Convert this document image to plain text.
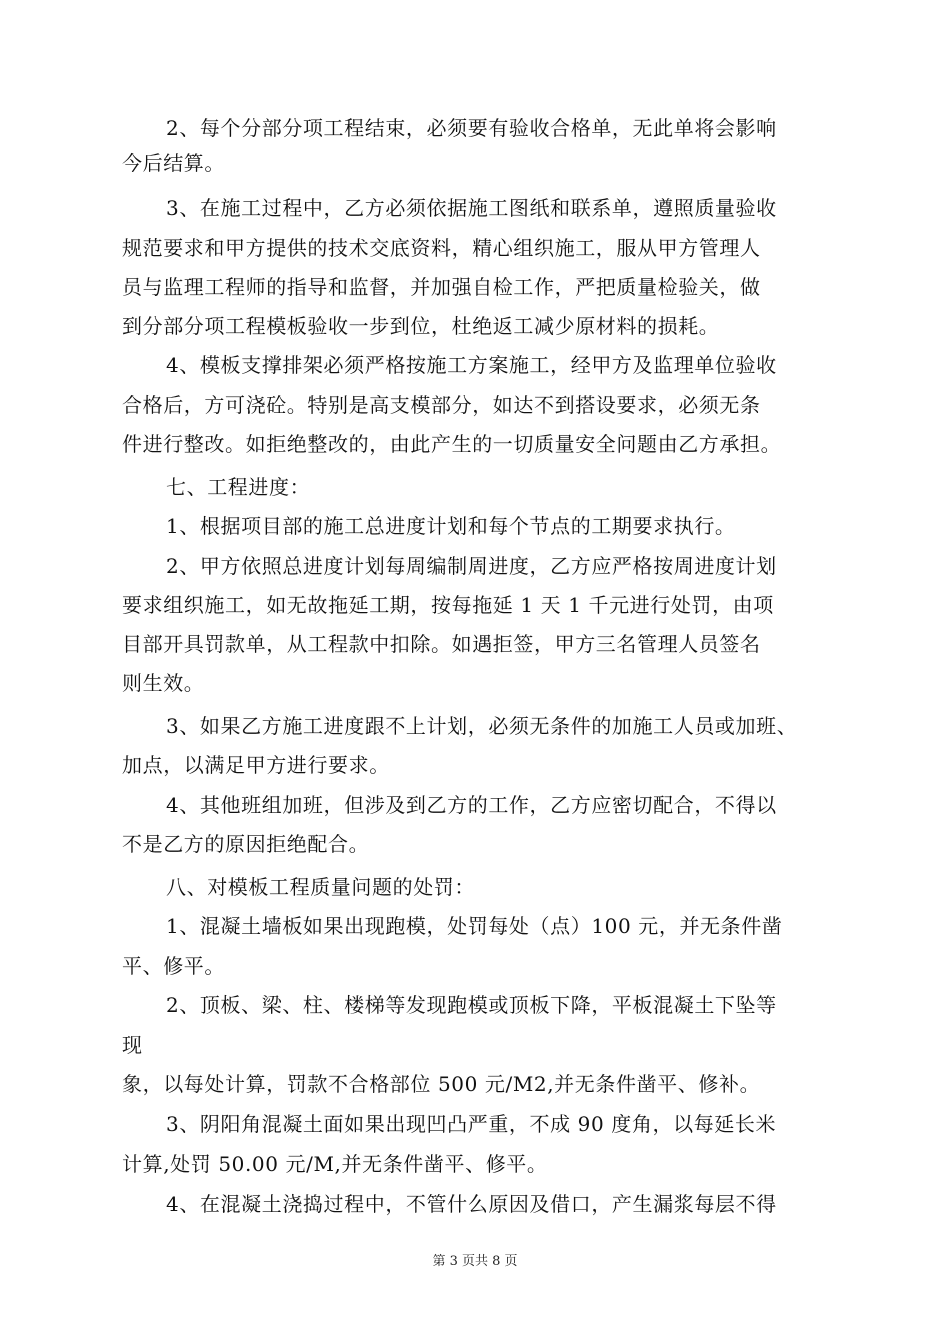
2、每个分部分项工程结束，必须要有验收合格单，无此单将会影响
今后结算。
3、在施工过程中，乙方必须依据施工图纸和联系单，遵照质量验收
规范要求和甲方提供的技术交底资料，精心组织施工，服从甲方管理人
员与监理工程师的指导和监督，并加强自检工作，严把质量检验关，做
到分部分项工程模板验收一步到位，杜绝返工减少原材料的损耗。
4、模板支撑排架必须严格按施工方案施工，经甲方及监理单位验收
合格后，方可浇砼。特别是高支模部分，如达不到搭设要求，必须无条
件进行整改。如拒绝整改的，由此产生的一切质量安全问题由乙方承担。
七、工程进度：
1、根据项目部的施工总进度计划和每个节点的工期要求执行。
2、甲方依照总进度计划每周编制周进度，乙方应严格按周进度计划
要求组织施工，如无故拖延工期，按每拖延 1 天 1 千元进行处罚，由项
目部开具罚款单，从工程款中扣除。如遇拒签，甲方三名管理人员签名
则生效。
3、如果乙方施工进度跟不上计划，必须无条件的加施工人员或加班、
加点，以满足甲方进行要求。
4、其他班组加班，但涉及到乙方的工作，乙方应密切配合，不得以
不是乙方的原因拒绝配合。
八、对模板工程质量问题的处罚：
1、混凝土墙板如果出现跑模，处罚每处（点）100 元，并无条件凿
平、修平。
2、顶板、梁、柱、楼梯等发现跑模或顶板下降，平板混凝土下坠等
现
象，以每处计算，罚款不合格部位 500 元/M2,并无条件凿平、修补。
3、阴阳角混凝土面如果出现凹凸严重，不成 90 度角，以每延长米
计算,处罚 50.00 元/M,并无条件凿平、修平。
4、在混凝土浇捣过程中，不管什么原因及借口，产生漏浆每层不得
第 3 页共 8 页
